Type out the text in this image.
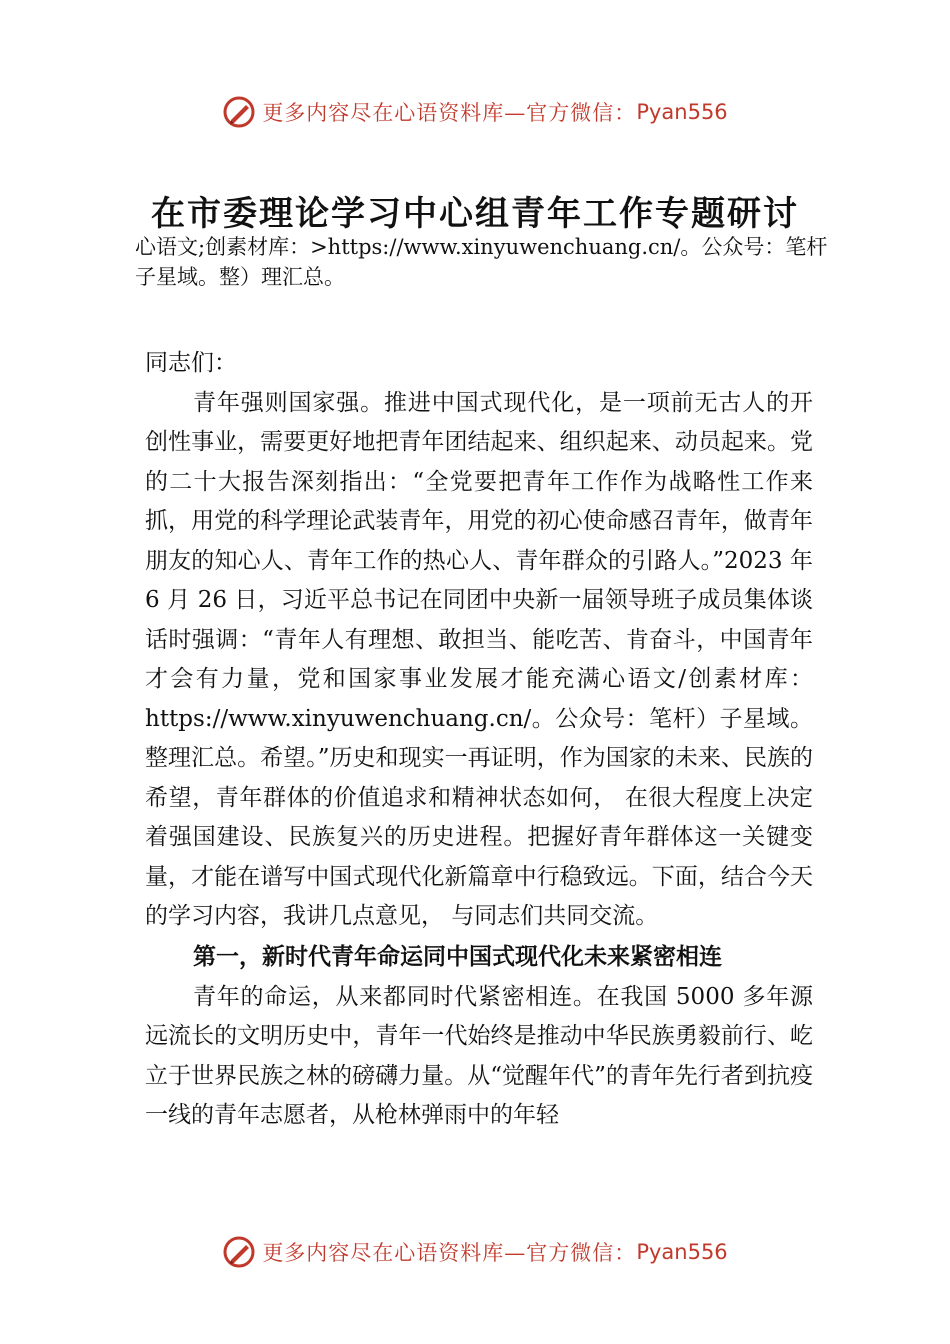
更多内容尽在心语资料库—官方微信： Pyan556
在市委理论学习中心组青年工作专题研讨
心语文;创素材库：>https://www.xinyuwenchuang.cn/。公众号：笔杆子星域。整）理汇总。

同志们：

青年强则国家强。推进中国式现代化，是一项前无古人的开创性事业，需要更好地把青年团结起来、组织起来、动员起来。党的二十大报告深刻指出：“全党要把青年工作作为战略性工作来抓，用党的科学理论武装青年，用党的初心使命感召青年，做青年朋友的知心人、青年工作的热心人、青年群众的引路人。”2023 年 6 月 26 日，习近平总书记在同团中央新一届领导班子成员集体谈话时强调：“青年人有理想、敢担当、能吃苦、肯奋斗，中国青年才会有力量，党和国家事业发展才能充满心语文/创素材库：https://www.xinyuwenchuang.cn/。公众号：笔杆）子星域。整理汇总。希望。”历史和现实一再证明，作为国家的未来、民族的希望，青年群体的价值追求和精神状态如何， 在很大程度上决定着强国建设、民族复兴的历史进程。把握好青年群体这一关键变量，才能在谱写中国式现代化新篇章中行稳致远。下面，结合今天的学习内容，我讲几点意见， 与同志们共同交流。

第一，新时代青年命运同中国式现代化未来紧密相连

青年的命运，从来都同时代紧密相连。在我国 5000 多年源远流长的文明历史中，青年一代始终是推动中华民族勇毅前行、屹立于世界民族之林的磅礴力量。从“觉醒年代”的青年先行者到抗疫一线的青年志愿者，从枪林弹雨中的年轻

更多内容尽在心语资料库—官方微信： Pyan556
